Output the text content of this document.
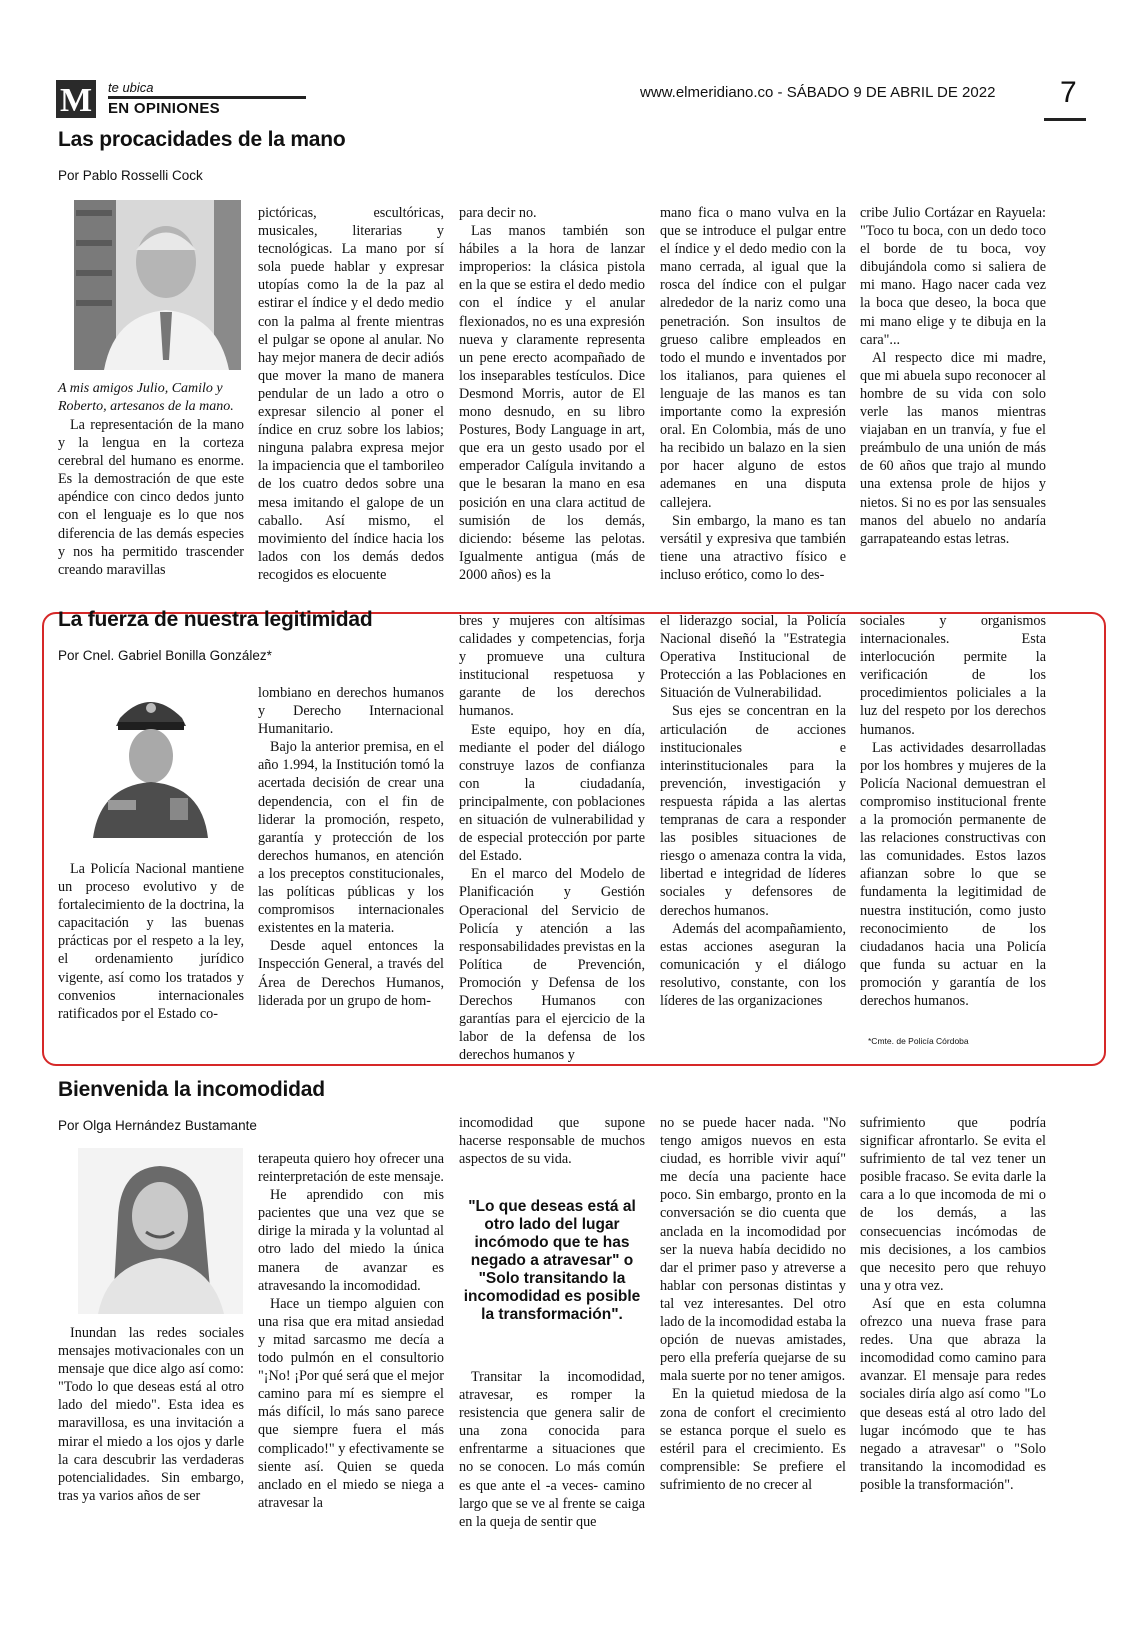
M te ubica
EN OPINIONES
www.elmeridiano.co - SÁBADO 9 DE ABRIL DE 2022	7
Las procacidades de la mano
Por Pablo Rosselli Cock
A mis amigos Julio, Camilo y Roberto, artesanos de la mano.

La representación de la mano y la lengua en la corteza cerebral del humano es enorme. Es la demostración de que este apéndice con cinco dedos junto con el lenguaje es lo que nos diferencia de las demás especies y nos ha permitido trascender creando maravillas

pictóricas, escultóricas, musicales, literarias y tecnológicas. La mano por sí sola puede hablar y expresar utopías como la de la paz al estirar el índice y el dedo medio con la palma al frente mientras el pulgar se opone al anular. No hay mejor manera de decir adiós que mover la mano de manera pendular de un lado a otro o expresar silencio al poner el índice en cruz sobre los labios; ninguna palabra expresa mejor la impaciencia que el tamborileo de los cuatro dedos sobre una mesa imitando el galope de un caballo. Así mismo, el movimiento del índice hacia los lados con los demás dedos recogidos es elocuente

para decir no.

Las manos también son hábiles a la hora de lanzar improperios: la clásica pistola en la que se estira el dedo medio con el índice y el anular flexionados, no es una expresión nueva y claramente representa un pene erecto acompañado de los inseparables testículos. Dice Desmond Morris, autor de El mono desnudo, en su libro Postures, Body Language in art, que era un gesto usado por el emperador Calígula invitando a que le besaran la mano en esa posición en una clara actitud de sumisión de los demás, diciendo: béseme las pelotas. Igualmente antigua (más de 2000 años) es la

mano fica o mano vulva en la que se introduce el pulgar entre el índice y el dedo medio con la mano cerrada, al igual que la rosca del índice con el pulgar alrededor de la nariz como una penetración. Son insultos de grueso calibre empleados en todo el mundo e inventados por los italianos, para quienes el lenguaje de las manos es tan importante como la expresión oral. En Colombia, más de uno ha recibido un balazo en la sien por hacer alguno de estos ademanes en una disputa callejera.

Sin embargo, la mano es tan versátil y expresiva que también tiene una atractivo físico e incluso erótico, como lo des-

cribe Julio Cortázar en Rayuela: "Toco tu boca, con un dedo toco el borde de tu boca, voy dibujándola como si saliera de mi mano. Hago nacer cada vez la boca que deseo, la boca que mi mano elige y te dibuja en la cara"...

Al respecto dice mi madre, que mi abuela supo reconocer al hombre de su vida con solo verle las manos mientras viajaban en un tranvía, y fue el preámbulo de una unión de más de 60 años que trajo al mundo una extensa prole de hijos y nietos. Si no es por las sensuales manos del abuelo no andaría garrapateando estas letras.

La fuerza de nuestra legitimidad
Por Cnel. Gabriel Bonilla González*

La Policía Nacional mantiene un proceso evolutivo y de fortalecimiento de la doctrina, la capacitación y las buenas prácticas por el respeto a la ley, el ordenamiento jurídico vigente, así como los tratados y convenios internacionales ratificados por el Estado co-

lombiano en derechos humanos y Derecho Internacional Humanitario.

Bajo la anterior premisa, en el año 1.994, la Institución tomó la acertada decisión de crear una dependencia, con el fin de liderar la promoción, respeto, garantía y protección de los derechos humanos, en atención a los preceptos constitucionales, las políticas públicas y los compromisos internacionales existentes en la materia.

Desde aquel entonces la Inspección General, a través del Área de Derechos Humanos, liderada por un grupo de hom-

bres y mujeres con altísimas calidades y competencias, forja y promueve una cultura institucional respetuosa y garante de los derechos humanos.

Este equipo, hoy en día, mediante el poder del diálogo construye lazos de confianza con la ciudadanía, principalmente, con poblaciones en situación de vulnerabilidad y de especial protección por parte del Estado.

En el marco del Modelo de Planificación y Gestión Operacional del Servicio de Policía y atención a las responsabilidades previstas en la Política de Prevención, Promoción y Defensa de los Derechos Humanos con garantías para el ejercicio de la labor de la defensa de los derechos humanos y

el liderazgo social, la Policía Nacional diseñó la "Estrategia Operativa Institucional de Protección a las Poblaciones en Situación de Vulnerabilidad.

Sus ejes se concentran en la articulación de acciones institucionales e interinstitucionales para la prevención, investigación y respuesta rápida a las alertas tempranas de cara a responder las posibles situaciones de riesgo o amenaza contra la vida, libertad e integridad de líderes sociales y defensores de derechos humanos.

Además del acompañamiento, estas acciones aseguran la comunicación y el diálogo resolutivo, constante, con los líderes de las organizaciones

sociales y organismos internacionales. Esta interlocución permite la verificación de los procedimientos policiales a la luz del respeto por los derechos humanos.

Las actividades desarrolladas por los hombres y mujeres de la Policía Nacional demuestran el compromiso institucional frente a la promoción permanente de las relaciones constructivas con las comunidades. Estos lazos afianzan sobre lo que se fundamenta la legitimidad de nuestra institución, como justo reconocimiento de los ciudadanos hacia una Policía que funda su actuar en la promoción y garantía de los derechos humanos.

*Cmte. de Policía Córdoba
Bienvenida la incomodidad
Por Olga Hernández Bustamante

Inundan las redes sociales mensajes motivacionales con un mensaje que dice algo así como: "Todo lo que deseas está al otro lado del miedo". Esta idea es maravillosa, es una invitación a mirar el miedo a los ojos y darle la cara descubrir las verdaderas potencialidades. Sin embargo, tras ya varios años de ser

terapeuta quiero hoy ofrecer una reinterpretación de este mensaje.

He aprendido con mis pacientes que una vez que se dirige la mirada y la voluntad al otro lado del miedo la única manera de avanzar es atravesando la incomodidad.

Hace un tiempo alguien con una risa que era mitad ansiedad y mitad sarcasmo me decía a todo pulmón en el consultorio "¡No! ¡Por qué será que el mejor camino para mí es siempre el más difícil, lo más sano parece que siempre fuera el más complicado!" y efectivamente se siente así. Quien se queda anclado en el miedo se niega a atravesar la

incomodidad que supone hacerse responsable de muchos aspectos de su vida.

"Lo que deseas está al otro lado del lugar incómodo que te has negado a atravesar" o "Solo transitando la incomodidad es posible la transformación".

Transitar la incomodidad, atravesar, es romper la resistencia que genera salir de una zona conocida para enfrentarme a situaciones que no se conocen. Lo más común es que ante el -a veces- camino largo que se ve al frente se caiga en la queja de sentir que

no se puede hacer nada. "No tengo amigos nuevos en esta ciudad, es horrible vivir aquí" me decía una paciente hace poco. Sin embargo, pronto en la conversación se dio cuenta que anclada en la incomodidad por ser la nueva había decidido no dar el primer paso y atreverse a hablar con personas distintas y tal vez interesantes. Del otro lado de la incomodidad estaba la opción de nuevas amistades, pero ella prefería quejarse de su mala suerte por no tener amigos.

En la quietud miedosa de la zona de confort el crecimiento se estanca porque el suelo es estéril para el crecimiento. Es comprensible: Se prefiere el sufrimiento de no crecer al

sufrimiento que podría significar afrontarlo. Se evita el sufrimiento de tal vez tener un posible fracaso. Se evita darle la cara a lo que incomoda de mi o de los demás, a las consecuencias incómodas de mis decisiones, a los cambios que necesito pero que rehuyo una y otra vez.

Así que en esta columna ofrezco una nueva frase para redes. Una que abraza la incomodidad como camino para avanzar. El mensaje para redes sociales diría algo así como "Lo que deseas está al otro lado del lugar incómodo que te has negado a atravesar" o "Solo transitando la incomodidad es posible la transformación".
